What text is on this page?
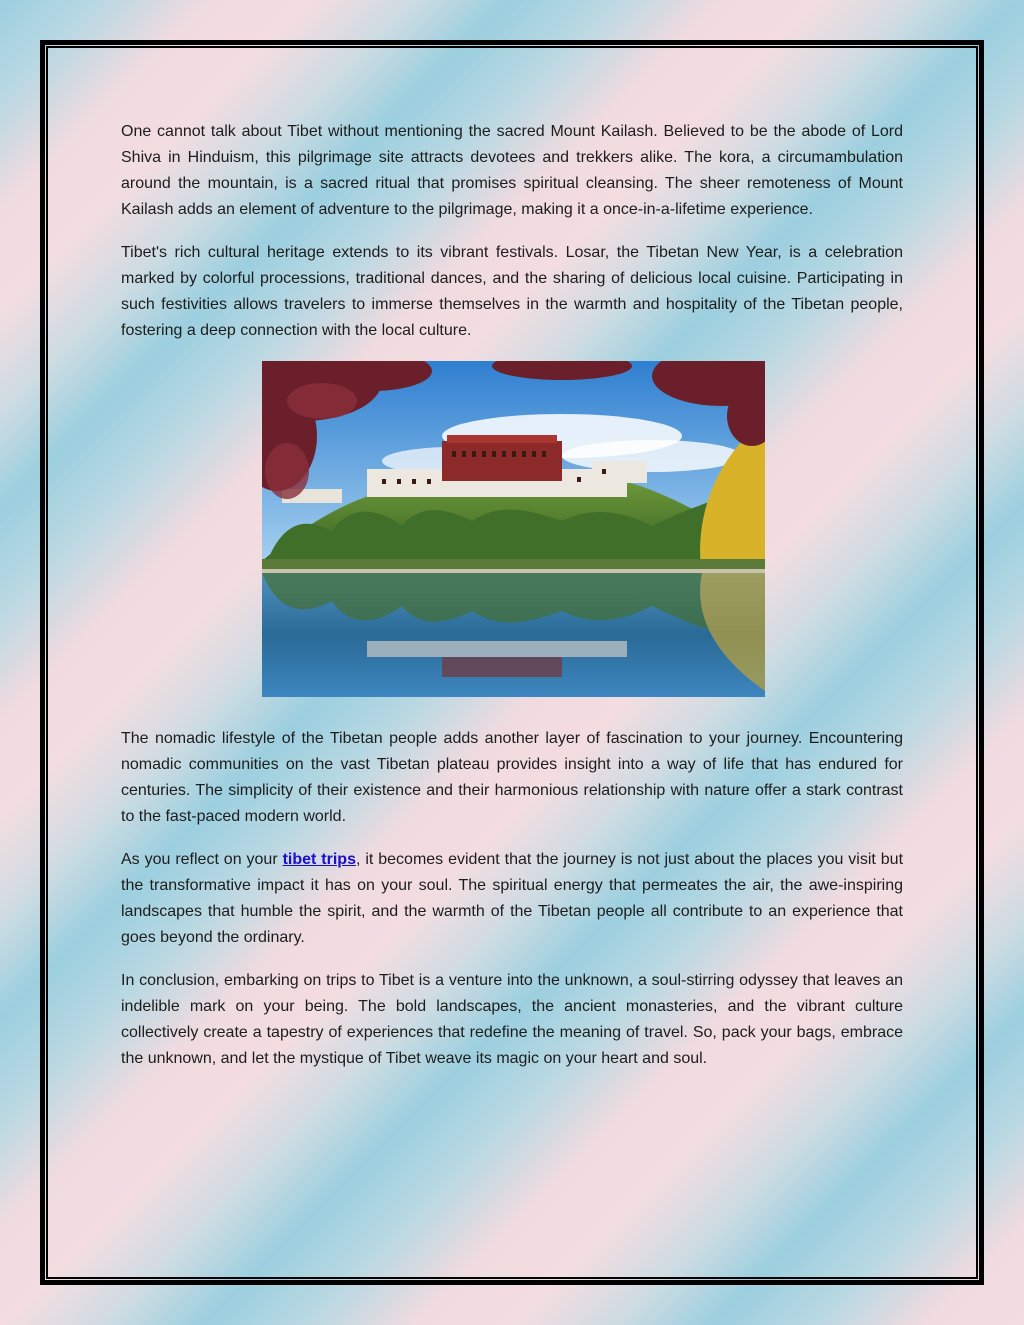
One cannot talk about Tibet without mentioning the sacred Mount Kailash. Believed to be the abode of Lord Shiva in Hinduism, this pilgrimage site attracts devotees and trekkers alike. The kora, a circumambulation around the mountain, is a sacred ritual that promises spiritual cleansing. The sheer remoteness of Mount Kailash adds an element of adventure to the pilgrimage, making it a once-in-a-lifetime experience.

Tibet's rich cultural heritage extends to its vibrant festivals. Losar, the Tibetan New Year, is a celebration marked by colorful processions, traditional dances, and the sharing of delicious local cuisine. Participating in such festivities allows travelers to immerse themselves in the warmth and hospitality of the Tibetan people, fostering a deep connection with the local culture.

The nomadic lifestyle of the Tibetan people adds another layer of fascination to your journey. Encountering nomadic communities on the vast Tibetan plateau provides insight into a way of life that has endured for centuries. The simplicity of their existence and their harmonious relationship with nature offer a stark contrast to the fast-paced modern world.

As you reflect on your tibet trips, it becomes evident that the journey is not just about the places you visit but the transformative impact it has on your soul. The spiritual energy that permeates the air, the awe-inspiring landscapes that humble the spirit, and the warmth of the Tibetan people all contribute to an experience that goes beyond the ordinary.

In conclusion, embarking on trips to Tibet is a venture into the unknown, a soul-stirring odyssey that leaves an indelible mark on your being. The bold landscapes, the ancient monasteries, and the vibrant culture collectively create a tapestry of experiences that redefine the meaning of travel. So, pack your bags, embrace the unknown, and let the mystique of Tibet weave its magic on your heart and soul.
